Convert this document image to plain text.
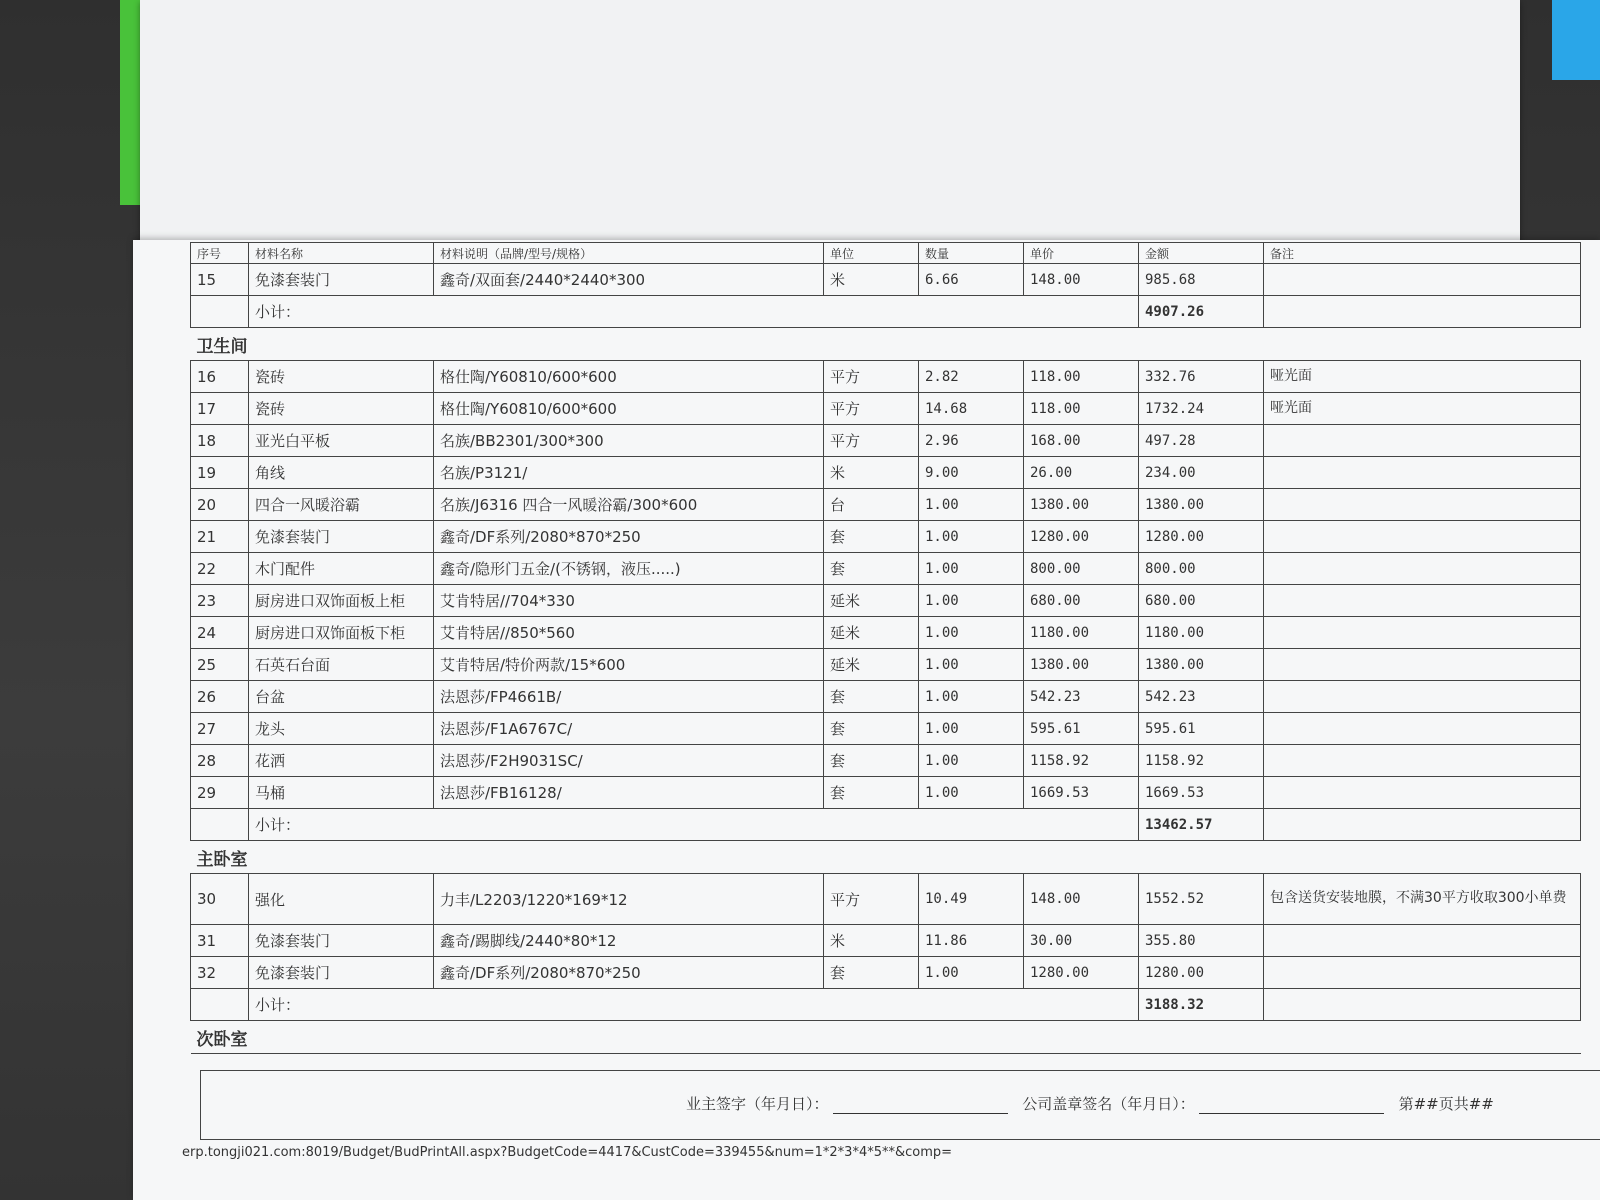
序号	材料名称	材料说明（品牌/型号/规格）	单位	数量	单价	金额	备注
15	免漆套装门	鑫奇/双面套/2440*2440*300	米	6.66	148.00	985.68	
	小计：					4907.26	
卫生间							
16	瓷砖	格仕陶/Y60810/600*600	平方	2.82	118.00	332.76	哑光面
17	瓷砖	格仕陶/Y60810/600*600	平方	14.68	118.00	1732.24	哑光面
18	亚光白平板	名族/BB2301/300*300	平方	2.96	168.00	497.28	
19	角线	名族/P3121/	米	9.00	26.00	234.00	
20	四合一风暖浴霸	名族/J6316 四合一风暖浴霸/300*600	台	1.00	1380.00	1380.00	
21	免漆套装门	鑫奇/DF系列/2080*870*250	套	1.00	1280.00	1280.00	
22	木门配件	鑫奇/隐形门五金/(不锈钢，液压.....)	套	1.00	800.00	800.00	
23	厨房进口双饰面板上柜	艾肯特居//704*330	延米	1.00	680.00	680.00	
24	厨房进口双饰面板下柜	艾肯特居//850*560	延米	1.00	1180.00	1180.00	
25	石英石台面	艾肯特居/特价两款/15*600	延米	1.00	1380.00	1380.00	
26	台盆	法恩莎/FP4661B/	套	1.00	542.23	542.23	
27	龙头	法恩莎/F1A6767C/	套	1.00	595.61	595.61	
28	花洒	法恩莎/F2H9031SC/	套	1.00	1158.92	1158.92	
29	马桶	法恩莎/FB16128/	套	1.00	1669.53	1669.53	
	小计：					13462.57	
主卧室							
30	强化	力丰/L2203/1220*169*12	平方	10.49	148.00	1552.52	包含送货安装地膜，不满30平方收取300小单费
31	免漆套装门	鑫奇/踢脚线/2440*80*12	米	11.86	30.00	355.80	
32	免漆套装门	鑫奇/DF系列/2080*870*250	套	1.00	1280.00	1280.00	
	小计：					3188.32	
次卧室							
业主签字（年月日）：	公司盖章签名（年月日）：	第##页共##
erp.tongji021.com:8019/Budget/BudPrintAll.aspx?BudgetCode=4417&CustCode=339455&num=1*2*3*4*5**&comp=
